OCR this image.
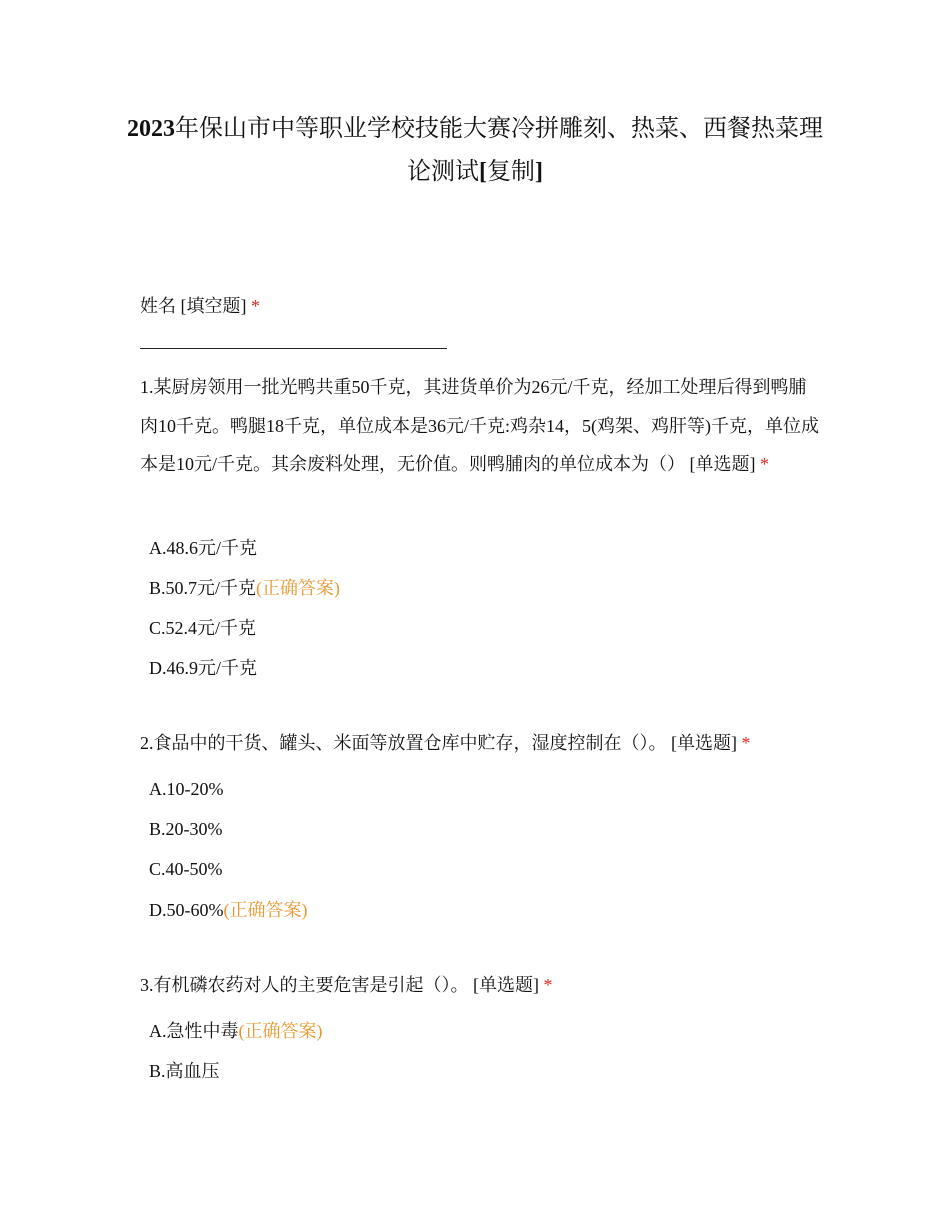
2023年保山市中等职业学校技能大赛冷拼雕刻、热菜、西餐热菜理论测试[复制]
姓名 [填空题] *
1.某厨房领用一批光鸭共重50千克，其进货单价为26元/千克，经加工处理后得到鸭脯肉10千克。鸭腿18千克，单位成本是36元/千克:鸡杂14，5(鸡架、鸡肝等)千克，单位成本是10元/千克。其余废料处理，无价值。则鸭脯肉的单位成本为（） [单选题] *
A.48.6元/千克
B.50.7元/千克(正确答案)
C.52.4元/千克
D.46.9元/千克
2.食品中的干货、罐头、米面等放置仓库中贮存，湿度控制在（）。 [单选题] *
A.10-20%
B.20-30%
C.40-50%
D.50-60%(正确答案)
3.有机磷农药对人的主要危害是引起（）。 [单选题] *
A.急性中毒(正确答案)
B.高血压
